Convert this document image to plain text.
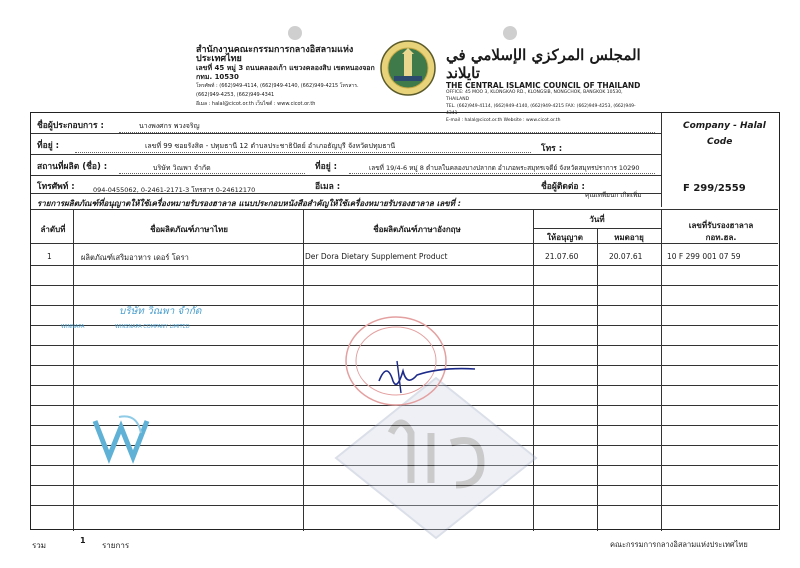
สำนักงานคณะกรรมการกลางอิสลามแห่งประเทศไทย
เลขที่ 45 หมู่ 3 ถนนคลองเก้า แขวงคลองสิบ เขตหนองจอก กทม. 10530
โทรศัพท์ : (662)949-4114, (662)949-4140, (662)949-4215 โทรสาร. (662)949-4253, (662)949-4341
อีเมล : halal@cicot.or.th เว็บไซต์ : www.cicot.or.th
المجلس المركزي الإسلامي في تايلاند
THE CENTRAL ISLAMIC COUNCIL OF THAILAND
OFFICE: 45 MOO 3, KLONGKAO RD., KLONGSIB, NONGCHOK, BANGKOK 10530, THAILAND
TEL. (662)949-4114, (662)949-4140, (662)949-4215 FAX: (662)949-4253, (662)949-4341
E-mail : halal@cicot.or.th Website : www.cicot.or.th
ชื่อผู้ประกอบการ :	นางพงศกร พวงจริญ
ที่อยู่ :	เลขที่ 99 ซอยรังสิต - ปทุมธานี 12 ตำบลประชาธิปัตย์ อำเภอธัญบุรี จังหวัดปทุมธานี	โทร :
สถานที่ผลิต (ชื่อ) :	บริษัท วิณพา จำกัด	ที่อยู่ :	เลขที่ 19/4-6 หมู่ 8 ตำบลในคลองบางปลากด อำเภอพระสมุทรเจดีย์ จังหวัดสมุทรปราการ 10290
โทรศัพท์ :	094-0455062, 0-2461-2171-3 โทรสาร 0-24612170	อีเมล :	ชื่อผู้ติดต่อ :
คุณเทพียนก เกิดเพิ่ม
Company - Halal
Code
F 299/2559
รายการผลิตภัณฑ์ที่อนุญาตให้ใช้เครื่องหมายรับรองฮาลาล แนบประกอบหนังสือสำคัญให้ใช้เครื่องหมายรับรองฮาลาล เลขที่ :
ลำดับที่	ชื่อผลิตภัณฑ์ภาษาไทย	ชื่อผลิตภัณฑ์ภาษาอังกฤษ
วันที่
ให้อนุญาต	หมดอายุ
เลขที่รับรองฮาลาล
กอท.ฮล.
1	ผลิตภัณฑ์เสริมอาหาร เดอร์ โดรา	Der Dora Dietary Supplement Product	21.07.60	20.07.61	10 F 299 001 07 59
บริษัท วิณพา จำกัด
WINNAPA	WINSNAPA COMPANY LIMITED
รวม
1
รายการ	คณะกรรมการกลางอิสลามแห่งประเทศไทย
